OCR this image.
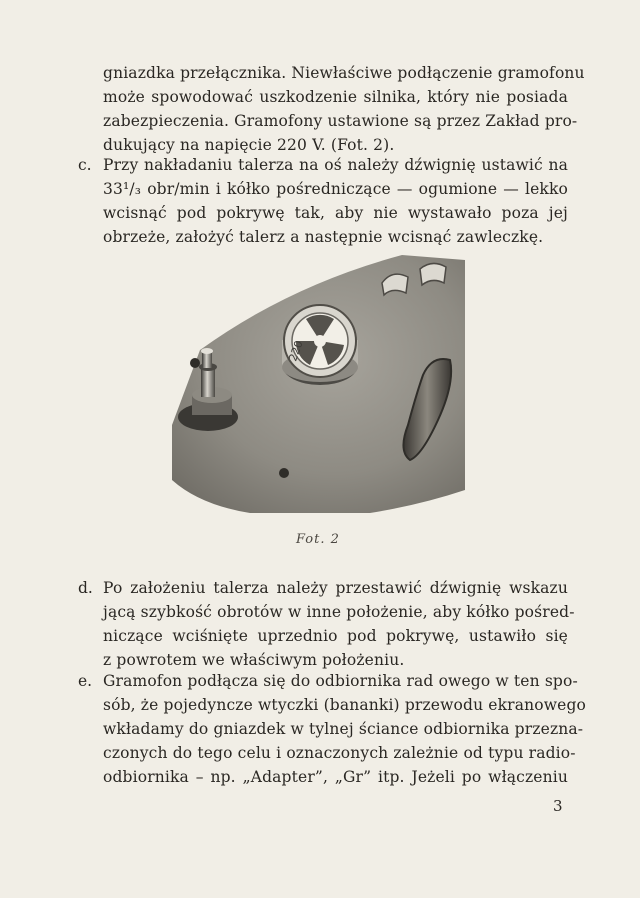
gniazdka przełącznika. Niewłaściwe podłączenie gramofonu
może spowodować uszkodzenie silnika, który nie posiada
zabezpieczenia. Gramofony ustawione są przez Zakład pro-
dukujący na napięcie 220 V. (Fot. 2).
c. Przy nakładaniu talerza na oś należy dźwignię ustawić na
33¹/₃ obr/min i kółko pośredniczące — ogumione — lekko
wcisnąć pod pokrywę tak, aby nie wystawało poza jej
obrzeże, założyć talerz a następnie wcisnąć zawleczkę.
220
Fot. 2
d. Po założeniu talerza należy przestawić dźwignię wskazu
jącą szybkość obrotów w inne położenie, aby kółko pośred-
niczące wciśnięte uprzednio pod pokrywę, ustawiło się
z powrotem we właściwym położeniu.
e. Gramofon podłącza się do odbiornika rad owego w ten spo-
sób, że pojedyncze wtyczki (bananki) przewodu ekranowego
wkładamy do gniazdek w tylnej ściance odbiornika przezna-
czonych do tego celu i oznaczonych zależnie od typu radio-
odbiornika – np. „Adapter”, „Gr” itp. Jeżeli po włączeniu
3
